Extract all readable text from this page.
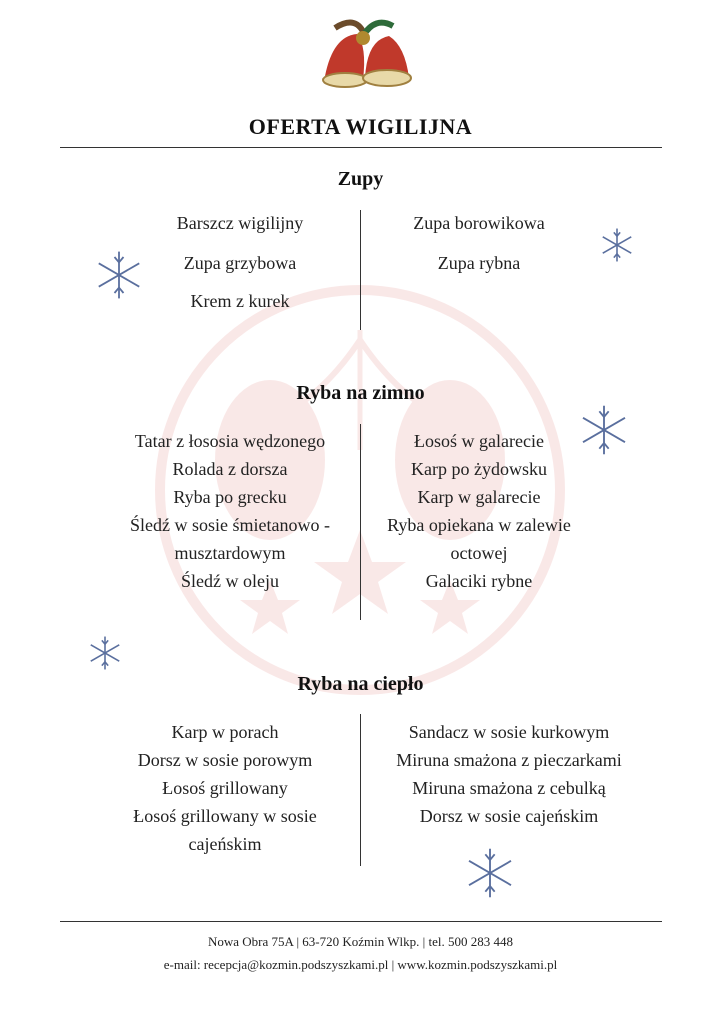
OFERTA WIGILIJNA
Zupy
Barszcz wigilijny
Zupa grzybowa
Krem z kurek
Zupa borowikowa
Zupa rybna
Ryba na zimno
Tatar z łososia wędzonego
Rolada z dorsza
Ryba po grecku
Śledź w sosie śmietanowo -
musztardowym
Śledź w oleju
Łosoś w galarecie
Karp po żydowsku
Karp w galarecie
Ryba opiekana w zalewie
octowej
Galaciki rybne
Ryba na ciepło
Karp w porach
Dorsz w sosie porowym
Łosoś grillowany
Łosoś grillowany w sosie
cajeńskim
Sandacz w sosie kurkowym
Miruna smażona z pieczarkami
Miruna smażona z cebulką
Dorsz w sosie cajeńskim
Nowa Obra 75A | 63-720 Koźmin Wlkp. | tel. 500 283 448
e-mail: recepcja@kozmin.podszyszkami.pl | www.kozmin.podszyszkami.pl
